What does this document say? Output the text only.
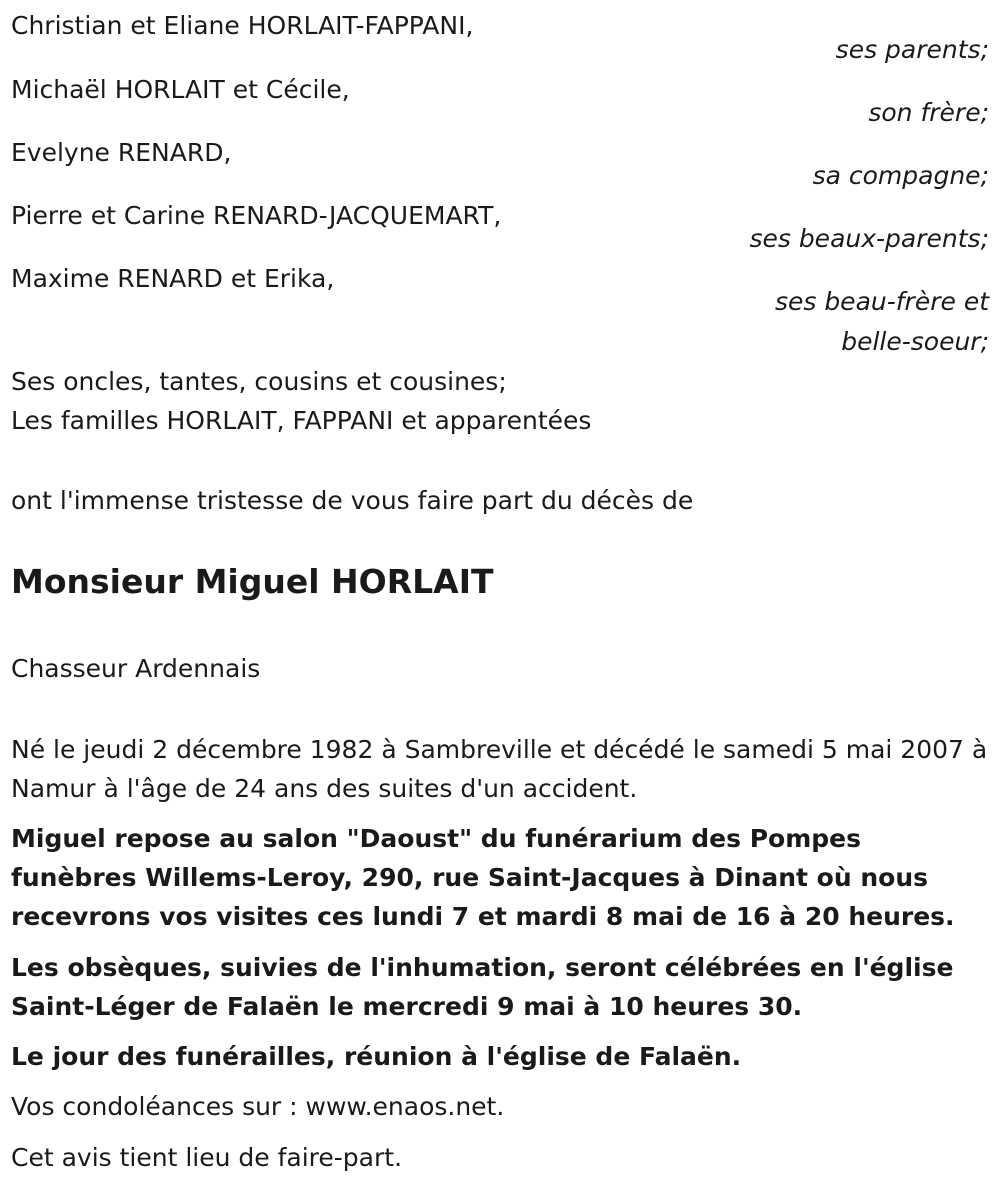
Christian et Eliane HORLAIT-FAPPANI,
ses parents;
Michaël HORLAIT et Cécile,
son frère;
Evelyne RENARD,
sa compagne;
Pierre et Carine RENARD-JACQUEMART,
ses beaux-parents;
Maxime RENARD et Erika,
ses beau-frère et
belle-soeur;
Ses oncles, tantes, cousins et cousines;
Les familles HORLAIT, FAPPANI et apparentées
ont l'immense tristesse de vous faire part du décès de
Monsieur Miguel HORLAIT
Chasseur Ardennais
Né le jeudi 2 décembre 1982 à Sambreville et décédé le samedi 5 mai 2007 à Namur à l'âge de 24 ans des suites d'un accident.
Miguel repose au salon "Daoust" du funérarium des Pompes funèbres Willems-Leroy, 290, rue Saint-Jacques à Dinant où nous recevrons vos visites ces lundi 7 et mardi 8 mai de 16 à 20 heures.
Les obsèques, suivies de l'inhumation, seront célébrées en l'église Saint-Léger de Falaën le mercredi 9 mai à 10 heures 30.
Le jour des funérailles, réunion à l'église de Falaën.
Vos condoléances sur : www.enaos.net.
Cet avis tient lieu de faire-part.
